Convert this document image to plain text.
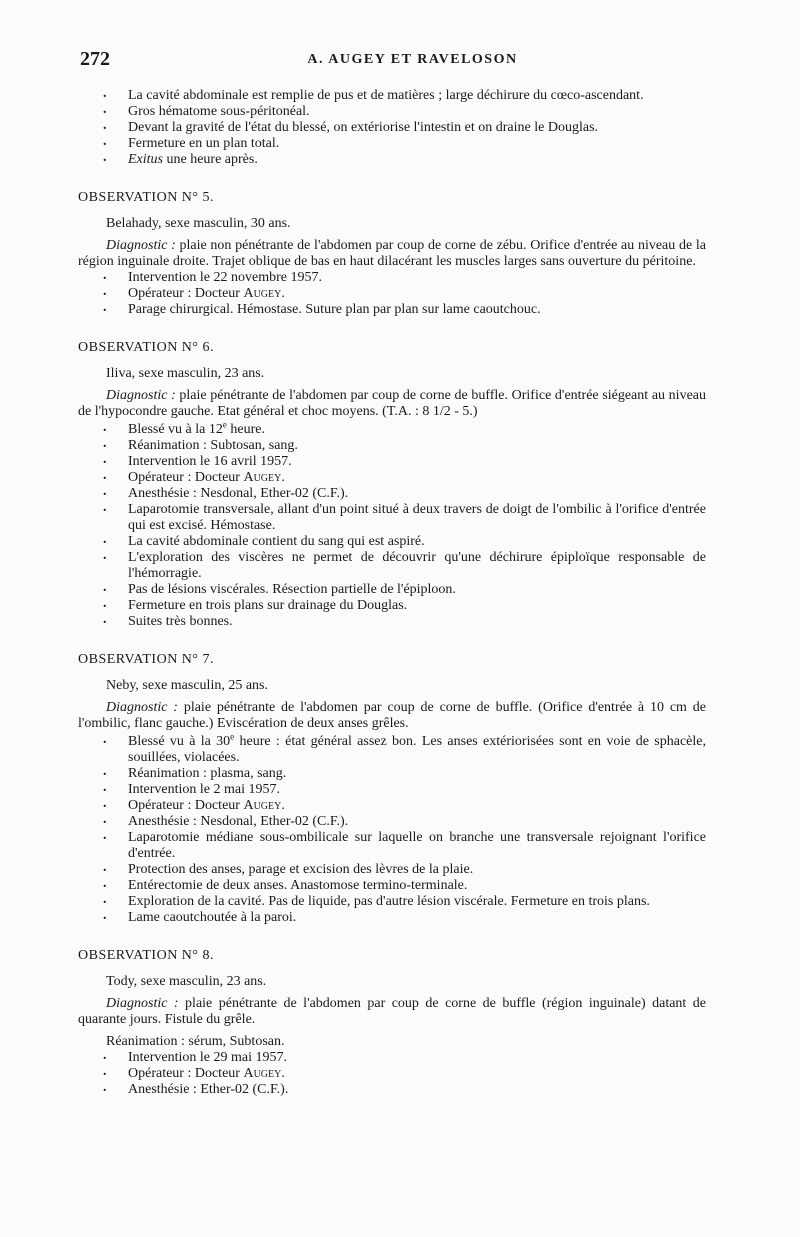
272	A. AUGEY ET RAVELOSON
. La cavité abdominale est remplie de pus et de matières ; large déchirure du cœco-ascendant.
. Gros hématome sous-péritonéal.
. Devant la gravité de l'état du blessé, on extériorise l'intestin et on draine le Douglas.
. Fermeture en un plan total.
. Exitus une heure après.
OBSERVATION N° 5.
Belahady, sexe masculin, 30 ans.
Diagnostic : plaie non pénétrante de l'abdomen par coup de corne de zébu. Orifice d'entrée au niveau de la région inguinale droite. Trajet oblique de bas en haut dilacérant les muscles larges sans ouverture du péritoine.
. Intervention le 22 novembre 1957.
. Opérateur : Docteur Augey.
. Parage chirurgical. Hémostase. Suture plan par plan sur lame caoutchouc.
OBSERVATION N° 6.
Iliva, sexe masculin, 23 ans.
Diagnostic : plaie pénétrante de l'abdomen par coup de corne de buffle. Orifice d'entrée siégeant au niveau de l'hypocondre gauche. Etat général et choc moyens. (T.A. : 8 1/2 - 5.)
. Blessé vu à la 12e heure.
. Réanimation : Subtosan, sang.
. Intervention le 16 avril 1957.
. Opérateur : Docteur Augey.
. Anesthésie : Nesdonal, Ether-02 (C.F.).
. Laparotomie transversale, allant d'un point situé à deux travers de doigt de l'ombilic à l'orifice d'entrée qui est excisé. Hémostase.
. La cavité abdominale contient du sang qui est aspiré.
. L'exploration des viscères ne permet de découvrir qu'une déchirure épiploïque responsable de l'hémorragie.
. Pas de lésions viscérales. Résection partielle de l'épiploon.
. Fermeture en trois plans sur drainage du Douglas.
. Suites très bonnes.
OBSERVATION N° 7.
Neby, sexe masculin, 25 ans.
Diagnostic : plaie pénétrante de l'abdomen par coup de corne de buffle. (Orifice d'entrée à 10 cm de l'ombilic, flanc gauche.) Eviscération de deux anses grêles.
. Blessé vu à la 30e heure : état général assez bon. Les anses extériorisées sont en voie de sphacèle, souillées, violacées.
. Réanimation : plasma, sang.
. Intervention le 2 mai 1957.
. Opérateur : Docteur Augey.
. Anesthésie : Nesdonal, Ether-02 (C.F.).
. Laparotomie médiane sous-ombilicale sur laquelle on branche une transversale rejoignant l'orifice d'entrée.
. Protection des anses, parage et excision des lèvres de la plaie.
. Entérectomie de deux anses. Anastomose termino-terminale.
. Exploration de la cavité. Pas de liquide, pas d'autre lésion viscérale. Fermeture en trois plans.
. Lame caoutchoutée à la paroi.
OBSERVATION N° 8.
Tody, sexe masculin, 23 ans.
Diagnostic : plaie pénétrante de l'abdomen par coup de corne de buffle (région inguinale) datant de quarante jours. Fistule du grêle.
Réanimation : sérum, Subtosan.
. Intervention le 29 mai 1957.
. Opérateur : Docteur Augey.
. Anesthésie : Ether-02 (C.F.).
